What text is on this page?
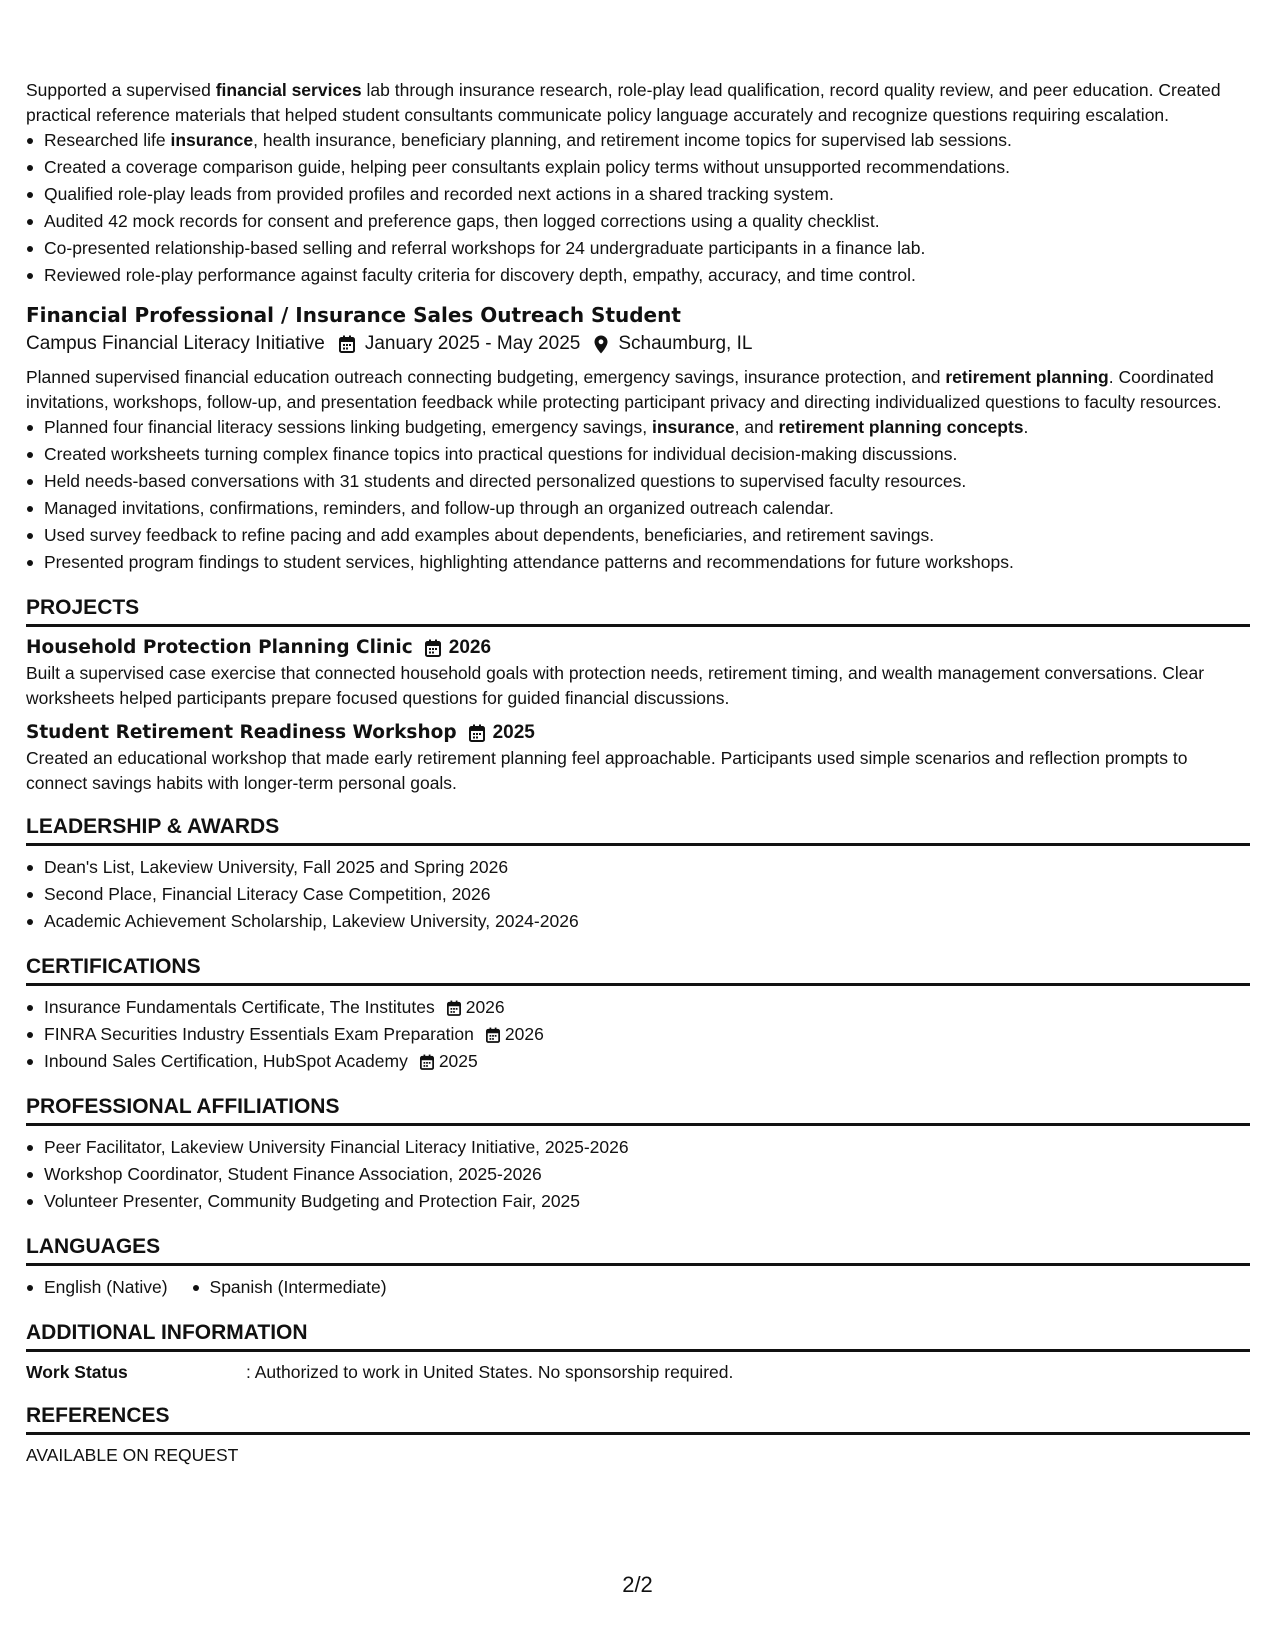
Supported a supervised financial services lab through insurance research, role-play lead qualification, record quality review, and peer education. Created practical reference materials that helped student consultants communicate policy language accurately and recognize questions requiring escalation.

Researched life insurance, health insurance, beneficiary planning, and retirement income topics for supervised lab sessions.
Created a coverage comparison guide, helping peer consultants explain policy terms without unsupported recommendations.
Qualified role-play leads from provided profiles and recorded next actions in a shared tracking system.
Audited 42 mock records for consent and preference gaps, then logged corrections using a quality checklist.
Co-presented relationship-based selling and referral workshops for 24 undergraduate participants in a finance lab.
Reviewed role-play performance against faculty criteria for discovery depth, empathy, accuracy, and time control.
Financial Professional / Insurance Sales Outreach Student
Campus Financial Literacy Initiative January 2025 - May 2025 Schaumburg, IL

Planned supervised financial education outreach connecting budgeting, emergency savings, insurance protection, and retirement planning. Coordinated invitations, workshops, follow-up, and presentation feedback while protecting participant privacy and directing individualized questions to faculty resources.

Planned four financial literacy sessions linking budgeting, emergency savings, insurance, and retirement planning concepts.
Created worksheets turning complex finance topics into practical questions for individual decision-making discussions.
Held needs-based conversations with 31 students and directed personalized questions to supervised faculty resources.
Managed invitations, confirmations, reminders, and follow-up through an organized outreach calendar.
Used survey feedback to refine pacing and add examples about dependents, beneficiaries, and retirement savings.
Presented program findings to student services, highlighting attendance patterns and recommendations for future workshops.
PROJECTS
Household Protection Planning Clinic 2026

Built a supervised case exercise that connected household goals with protection needs, retirement timing, and wealth management conversations. Clear worksheets helped participants prepare focused questions for guided financial discussions.

Student Retirement Readiness Workshop 2025

Created an educational workshop that made early retirement planning feel approachable. Participants used simple scenarios and reflection prompts to connect savings habits with longer-term personal goals.

LEADERSHIP & AWARDS
Dean's List, Lakeview University, Fall 2025 and Spring 2026
Second Place, Financial Literacy Case Competition, 2026
Academic Achievement Scholarship, Lakeview University, 2024-2026
CERTIFICATIONS
Insurance Fundamentals Certificate, The Institutes 2026
FINRA Securities Industry Essentials Exam Preparation 2026
Inbound Sales Certification, HubSpot Academy 2025
PROFESSIONAL AFFILIATIONS
Peer Facilitator, Lakeview University Financial Literacy Initiative, 2025-2026
Workshop Coordinator, Student Finance Association, 2025-2026
Volunteer Presenter, Community Budgeting and Protection Fair, 2025
LANGUAGES
English (Native)	Spanish (Intermediate)
ADDITIONAL INFORMATION
Work Status	: Authorized to work in United States. No sponsorship required.
REFERENCES
AVAILABLE ON REQUEST
2/2
